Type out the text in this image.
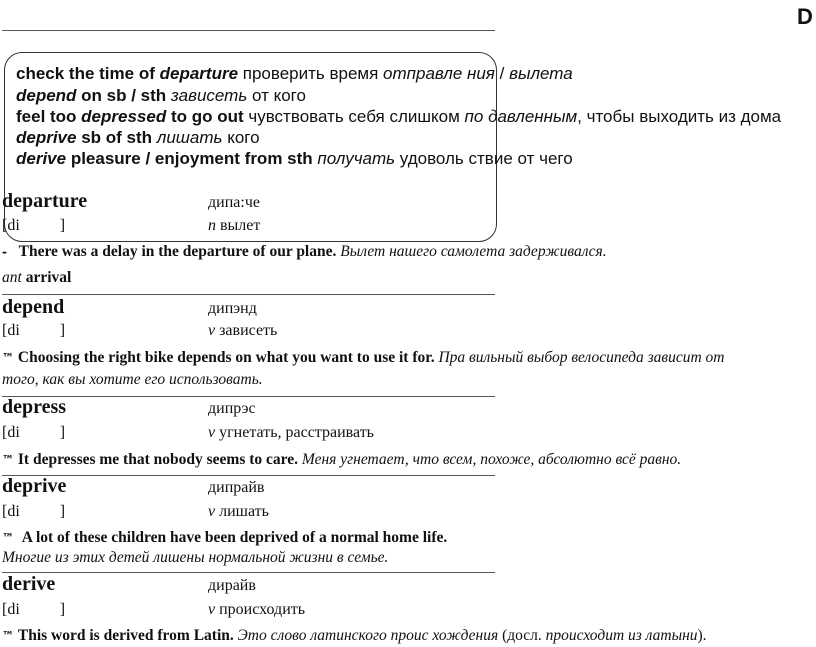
D
check the time of departure проверить время отправле ния / вылета
depend on sb / sth зависеть от кого
feel too depressed to go out чувствовать себя слишком по давленным, чтобы выходить из дома
deprive sb of sth лишать кого
derive pleasure / enjoyment from sth получать удоволь ствие от чего
departure	дипа:че
[di	]	n вылет
- There was a delay in the departure of our plane. Вылет нашего самолета задерживался.
ant arrival
depend	дипэнд
[di	]	v зависеть
™ Choosing the right bike depends on what you want to use it for. Пра вильный выбор велосипеда зависит от
того, как вы хотите его использовать.
depress	дипрэс
[di	]	v угнетать, расстраивать
™ It depresses me that nobody seems to care. Меня угнетает, что всем, похоже, абсолютно всё равно.
deprive	дипрайв
[di	]	v лишать
™ A lot of these children have been deprived of a normal home life.
Многие из этих детей лишены нормальной жизни в семье.
derive	дирайв
[di	]	v происходить
™ This word is derived from Latin. Это слово латинского проис хождения (досл. происходит из латыни).
